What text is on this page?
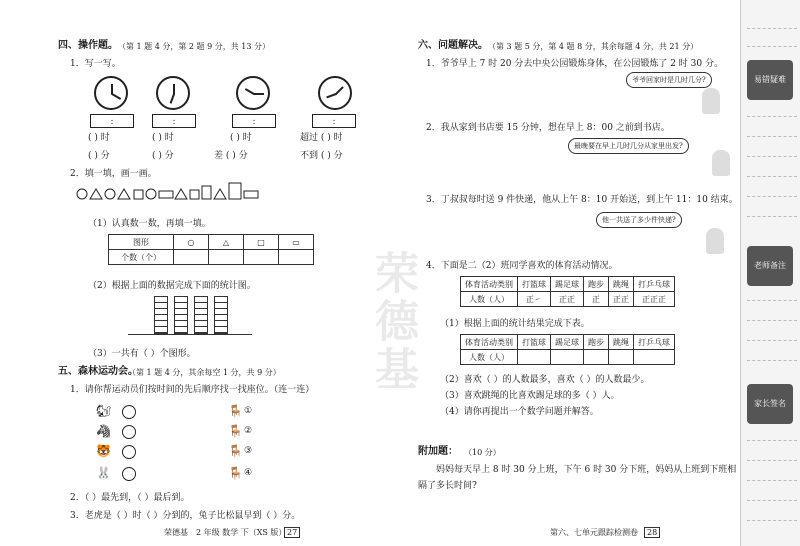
四、操作题。 （第 1 题 4 分，第 2 题 9 分，共 13 分）
1．写一写。
:	:	:	:
( ) 时	( ) 时	( ) 时	超过 ( ) 时
( ) 分	( ) 分	差 ( ) 分	不到 ( ) 分
2．填一填，画一画。
（1）认真数一数，再填一填。
图形	○	△	□	▭
个数（个）				
（2）根据上面的数据完成下面的统计图。
（3）一共有（ ）个图形。
五、森林运动会。
（第 1 题 4 分，其余每空 1 分，共 9 分）
1．请你帮运动员们按时间的先后顺序找一找座位。（连一连）
🐿
🦓
🐯
🐰
🪑 ①
🪑 ②
🪑 ③
🪑 ④
2．（ ）最先到，（ ）最后到。
3．老虎是（ ）时（ ）分到的，兔子比松鼠早到（ ）分。
荣德基 2 年级 数学 下（XS 版） 27
荣德基
六、问题解决。 （第 3 题 5 分，第 4 题 8 分，其余每题 4 分，共 21 分）
1．爷爷早上 7 时 20 分去中央公园锻炼身体，在公园锻炼了 2 时 30 分。
爷爷回家时是几时几分?
2．我从家到书店要 15 分钟，想在早上 8：00 之前到书店。
最晚要在早上几时几分从家里出发?
3．丁叔叔每时送 9 件快递，他从上午 8：10 开始送，到上午 11：10 结束。
他一共送了多少件快递?
4．下面是二（2）班同学喜欢的体育活动情况。
体育活动类别	打篮球	踢足球	跑步	跳绳	打乒乓球
人数（人）	正㇀	正正	正	正正	正正正
（1）根据上面的统计结果完成下表。
体育活动类别	打篮球	踢足球	跑步	跳绳	打乒乓球
人数（人）					
（2）喜欢（ ）的人数最多，喜欢（ ）的人数最少。
（3）喜欢跳绳的比喜欢踢足球的多（ ）人。
（4）请你再提出一个数学问题并解答。
附加题： （10 分）
妈妈每天早上 8 时 30 分上班，下午 6 时 30 分下班，妈妈从上班到下班相
隔了多长时间?
第六、七单元跟踪检测卷	28
易错疑难
老师备注
家长签名
